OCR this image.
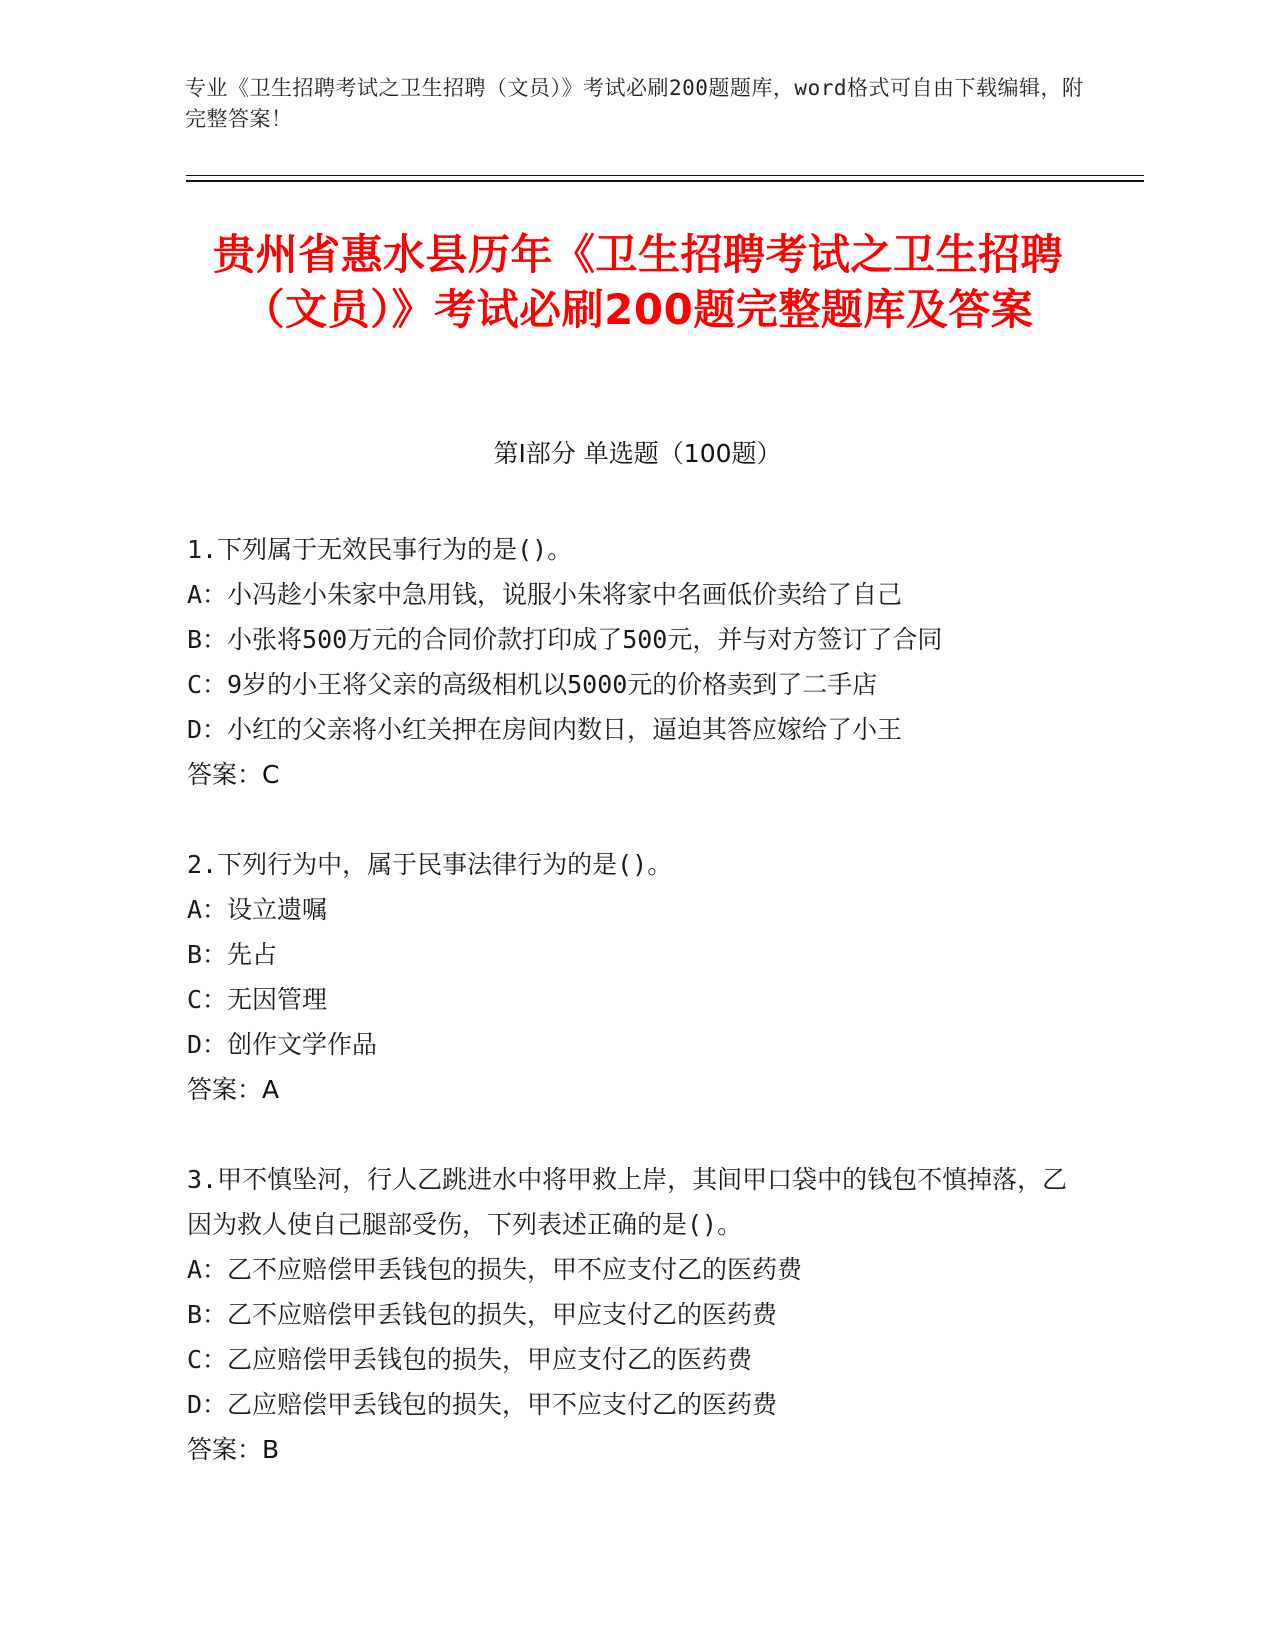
专业《卫生招聘考试之卫生招聘（文员）》考试必刷200题题库，word格式可自由下载编辑，附完整答案！
贵州省惠水县历年《卫生招聘考试之卫生招聘（文员）》考试必刷200题完整题库及答案
第I部分 单选题（100题）
1.下列属于无效民事行为的是()。
A：小冯趁小朱家中急用钱，说服小朱将家中名画低价卖给了自己
B：小张将500万元的合同价款打印成了500元，并与对方签订了合同
C：9岁的小王将父亲的高级相机以5000元的价格卖到了二手店
D：小红的父亲将小红关押在房间内数日，逼迫其答应嫁给了小王
答案：C
2.下列行为中，属于民事法律行为的是()。
A：设立遗嘱
B：先占
C：无因管理
D：创作文学作品
答案：A
3.甲不慎坠河，行人乙跳进水中将甲救上岸，其间甲口袋中的钱包不慎掉落，乙因为救人使自己腿部受伤，下列表述正确的是()。
A：乙不应赔偿甲丢钱包的损失，甲不应支付乙的医药费
B：乙不应赔偿甲丢钱包的损失，甲应支付乙的医药费
C：乙应赔偿甲丢钱包的损失，甲应支付乙的医药费
D：乙应赔偿甲丢钱包的损失，甲不应支付乙的医药费
答案：B
